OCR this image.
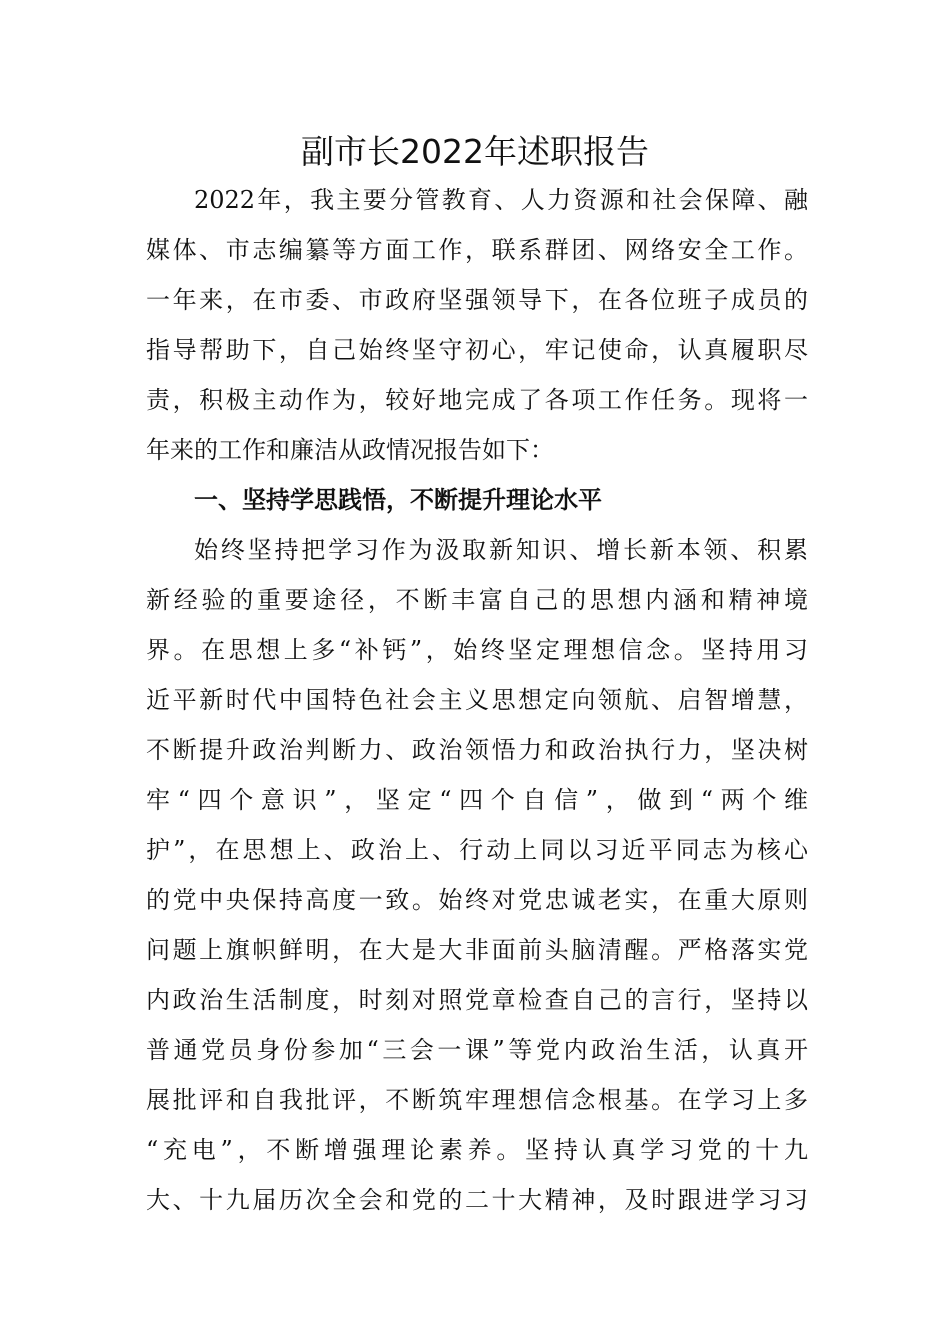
副市长2022年述职报告

2022年，我主要分管教育、人力资源和社会保障、融

媒体、市志编纂等方面工作，联系群团、网络安全工作。

一年来，在市委、市政府坚强领导下，在各位班子成员的

指导帮助下，自己始终坚守初心，牢记使命，认真履职尽

责，积极主动作为，较好地完成了各项工作任务。现将一

年来的工作和廉洁从政情况报告如下：

一、坚持学思践悟，不断提升理论水平

始终坚持把学习作为汲取新知识、增长新本领、积累

新经验的重要途径，不断丰富自己的思想内涵和精神境

界。在思想上多“补钙”，始终坚定理想信念。坚持用习

近平新时代中国特色社会主义思想定向领航、启智增慧，

不断提升政治判断力、政治领悟力和政治执行力，坚决树

牢“四个意识”，坚定“四个自信”，做到“两个维

护”，在思想上、政治上、行动上同以习近平同志为核心

的党中央保持高度一致。始终对党忠诚老实，在重大原则

问题上旗帜鲜明，在大是大非面前头脑清醒。严格落实党

内政治生活制度，时刻对照党章检查自己的言行，坚持以

普通党员身份参加“三会一课”等党内政治生活，认真开

展批评和自我批评，不断筑牢理想信念根基。在学习上多

“充电”，不断增强理论素养。坚持认真学习党的十九

大、十九届历次全会和党的二十大精神，及时跟进学习习
